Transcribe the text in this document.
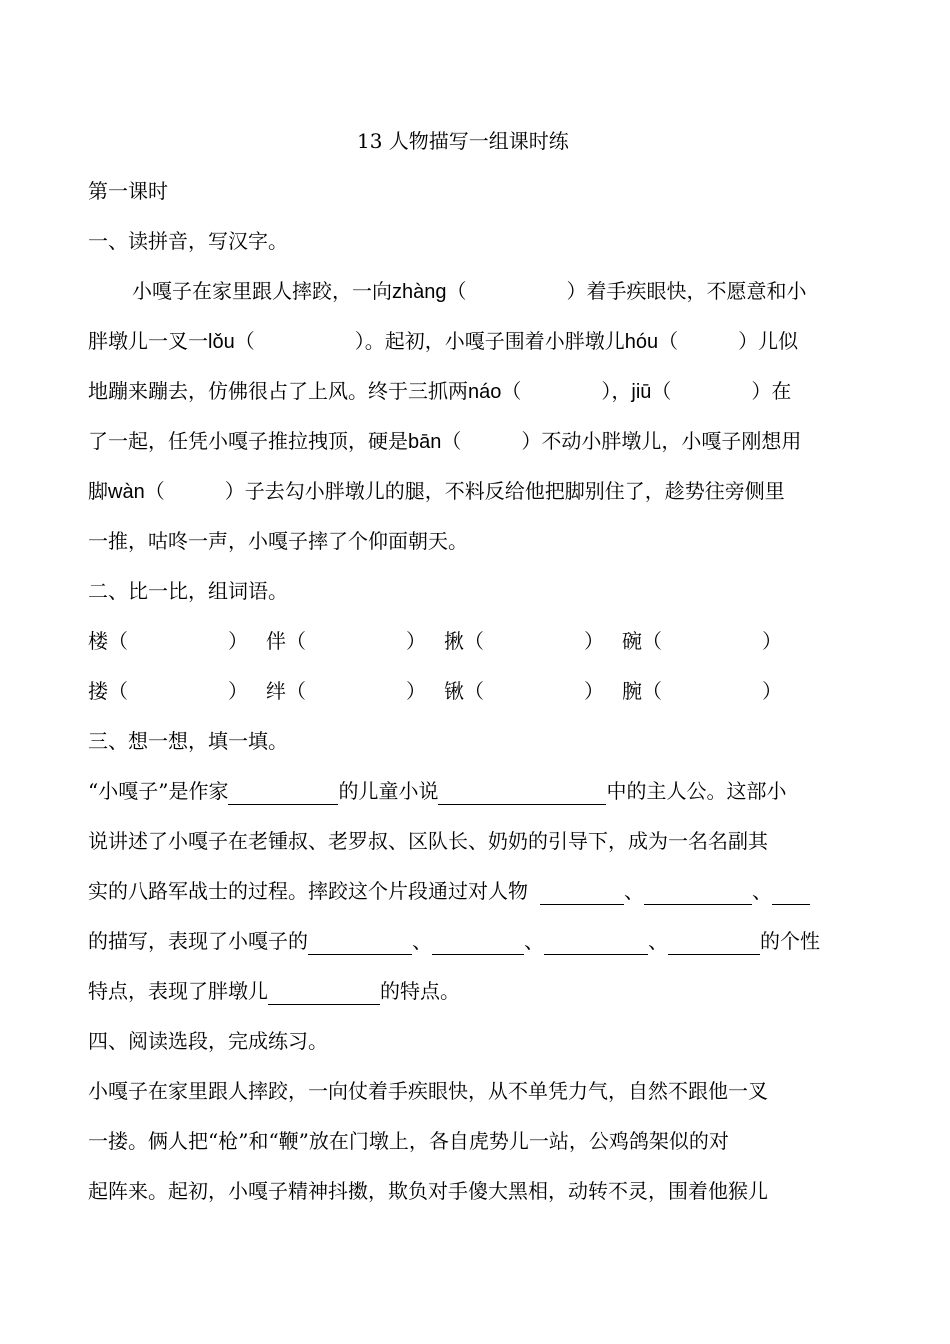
13 人物描写一组课时练
第一课时
一、读拼音，写汉字。
小嘎子在家里跟人摔跤，一向zhàng（　　　　　）着手疾眼快，不愿意和小
胖墩儿一叉一lǒu（　　　　　）。起初，小嘎子围着小胖墩儿hóu（　　　）儿似
地蹦来蹦去，仿佛很占了上风。终于三抓两náo（　　　　），jiū（　　　　）在
了一起，任凭小嘎子推拉拽顶，硬是bān（　　　）不动小胖墩儿，小嘎子刚想用
脚wàn（　　　）子去勾小胖墩儿的腿，不料反给他把脚别住了，趁势往旁侧里
一推，咕咚一声，小嘎子摔了个仰面朝天。
二、比一比，组词语。
楼（　　　　　） 伴（　　　　　） 揪（　　　　　） 碗（　　　　　）
搂（　　　　　） 绊（　　　　　） 锹（　　　　　） 腕（　　　　　）
三、想一想，填一填。
“小嘎子”是作家	的儿童小说	中的主人公。这部小
说讲述了小嘎子在老锺叔、老罗叔、区队长、奶奶的引导下，成为一名名副其
实的八路军战士的过程。摔跤这个片段通过对人物	、	、
的描写，表现了小嘎子的	、	、	、	的个性
特点，表现了胖墩儿	的特点。
四、阅读选段，完成练习。
小嘎子在家里跟人摔跤，一向仗着手疾眼快，从不单凭力气，自然不跟他一叉
一搂。俩人把“枪”和“鞭”放在门墩上，各自虎势儿一站，公鸡鸽架似的对
起阵来。起初，小嘎子精神抖擞，欺负对手傻大黑相，动转不灵，围着他猴儿
